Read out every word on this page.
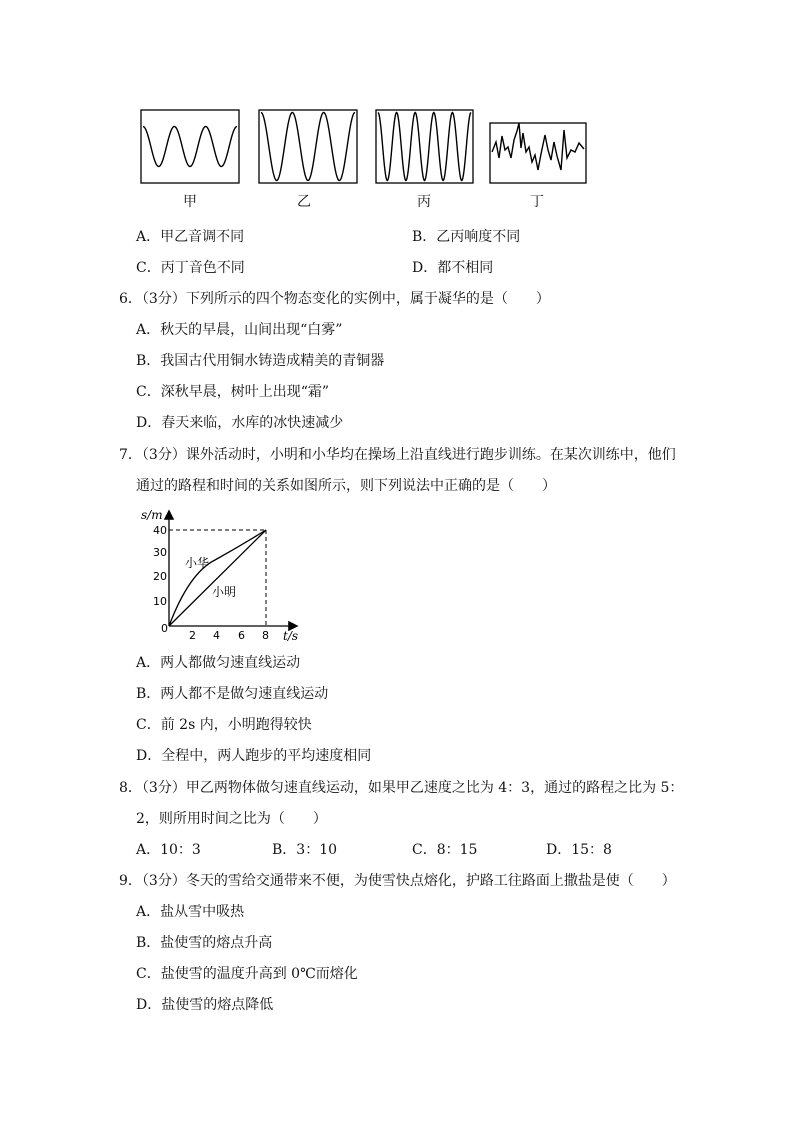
甲	乙	丙	丁
A．甲乙音调不同	B．乙丙响度不同
C．丙丁音色不同	D．都不相同
6．（3分）下列所示的四个物态变化的实例中，属于凝华的是（　　）
A．秋天的早晨，山间出现“白雾”
B．我国古代用铜水铸造成精美的青铜器
C．深秋早晨，树叶上出现“霜”
D．春天来临，水库的冰快速减少
7．（3分）课外活动时，小明和小华均在操场上沿直线进行跑步训练。在某次训练中，他们
通过的路程和时间的关系如图所示，则下列说法中正确的是（　　）
s/m
t/s
0
10
20
30
40
2 4 6 8
小华
小明
A．两人都做匀速直线运动
B．两人都不是做匀速直线运动
C．前 2s 内，小明跑得较快
D．全程中，两人跑步的平均速度相同
8．（3分）甲乙两物体做匀速直线运动，如果甲乙速度之比为 4：3，通过的路程之比为 5：
2，则所用时间之比为（　　）
A．10：3	B．3：10	C．8：15	D．15：8
9．（3分）冬天的雪给交通带来不便，为使雪快点熔化，护路工往路面上撒盐是使（　　）
A．盐从雪中吸热
B．盐使雪的熔点升高
C．盐使雪的温度升高到 0℃而熔化
D．盐使雪的熔点降低
